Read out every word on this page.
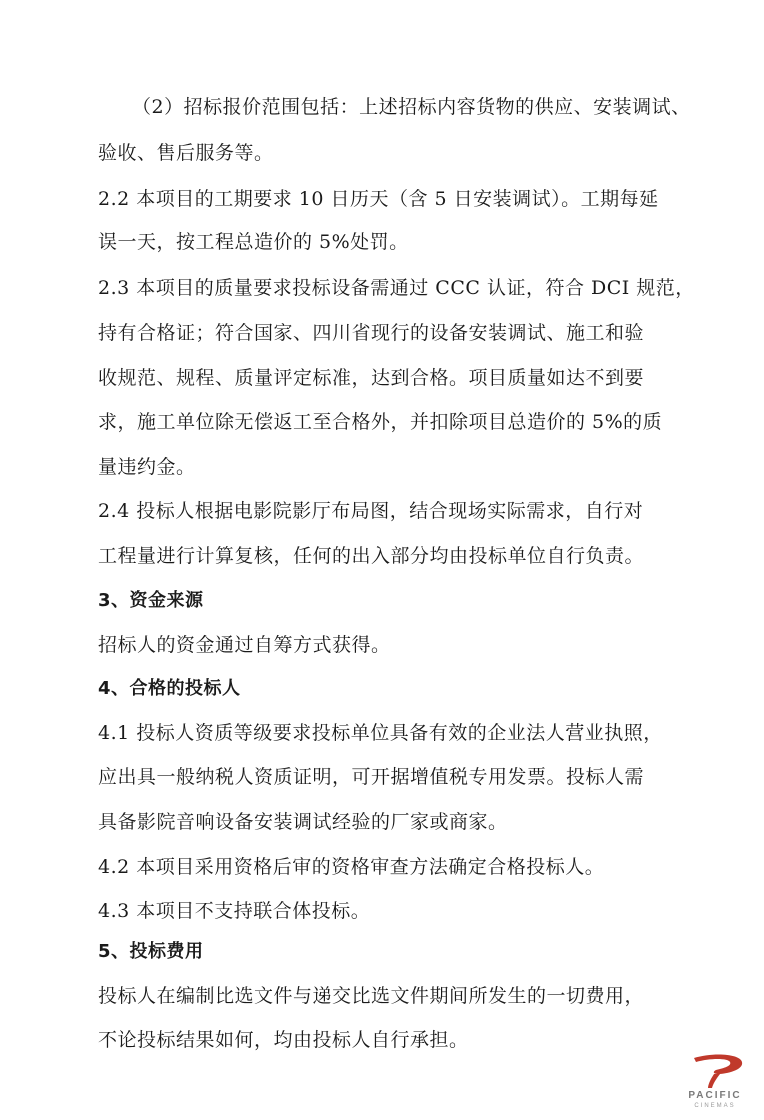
（2）招标报价范围包括：上述招标内容货物的供应、安装调试、
验收、售后服务等。
2.2 本项目的工期要求 10 日历天（含 5 日安装调试）。工期每延
误一天，按工程总造价的 5%处罚。
2.3 本项目的质量要求投标设备需通过 CCC 认证，符合 DCI 规范，
持有合格证；符合国家、四川省现行的设备安装调试、施工和验
收规范、规程、质量评定标准，达到合格。项目质量如达不到要
求，施工单位除无偿返工至合格外，并扣除项目总造价的 5%的质
量违约金。
2.4 投标人根据电影院影厅布局图，结合现场实际需求，自行对
工程量进行计算复核，任何的出入部分均由投标单位自行负责。
3、资金来源
招标人的资金通过自筹方式获得。
4、合格的投标人
4.1 投标人资质等级要求投标单位具备有效的企业法人营业执照，
应出具一般纳税人资质证明，可开据增值税专用发票。投标人需
具备影院音响设备安装调试经验的厂家或商家。
4.2 本项目采用资格后审的资格审查方法确定合格投标人。
4.3 本项目不支持联合体投标。
5、投标费用
投标人在编制比选文件与递交比选文件期间所发生的一切费用，
不论投标结果如何，均由投标人自行承担。
PACIFIC
CINEMAS
